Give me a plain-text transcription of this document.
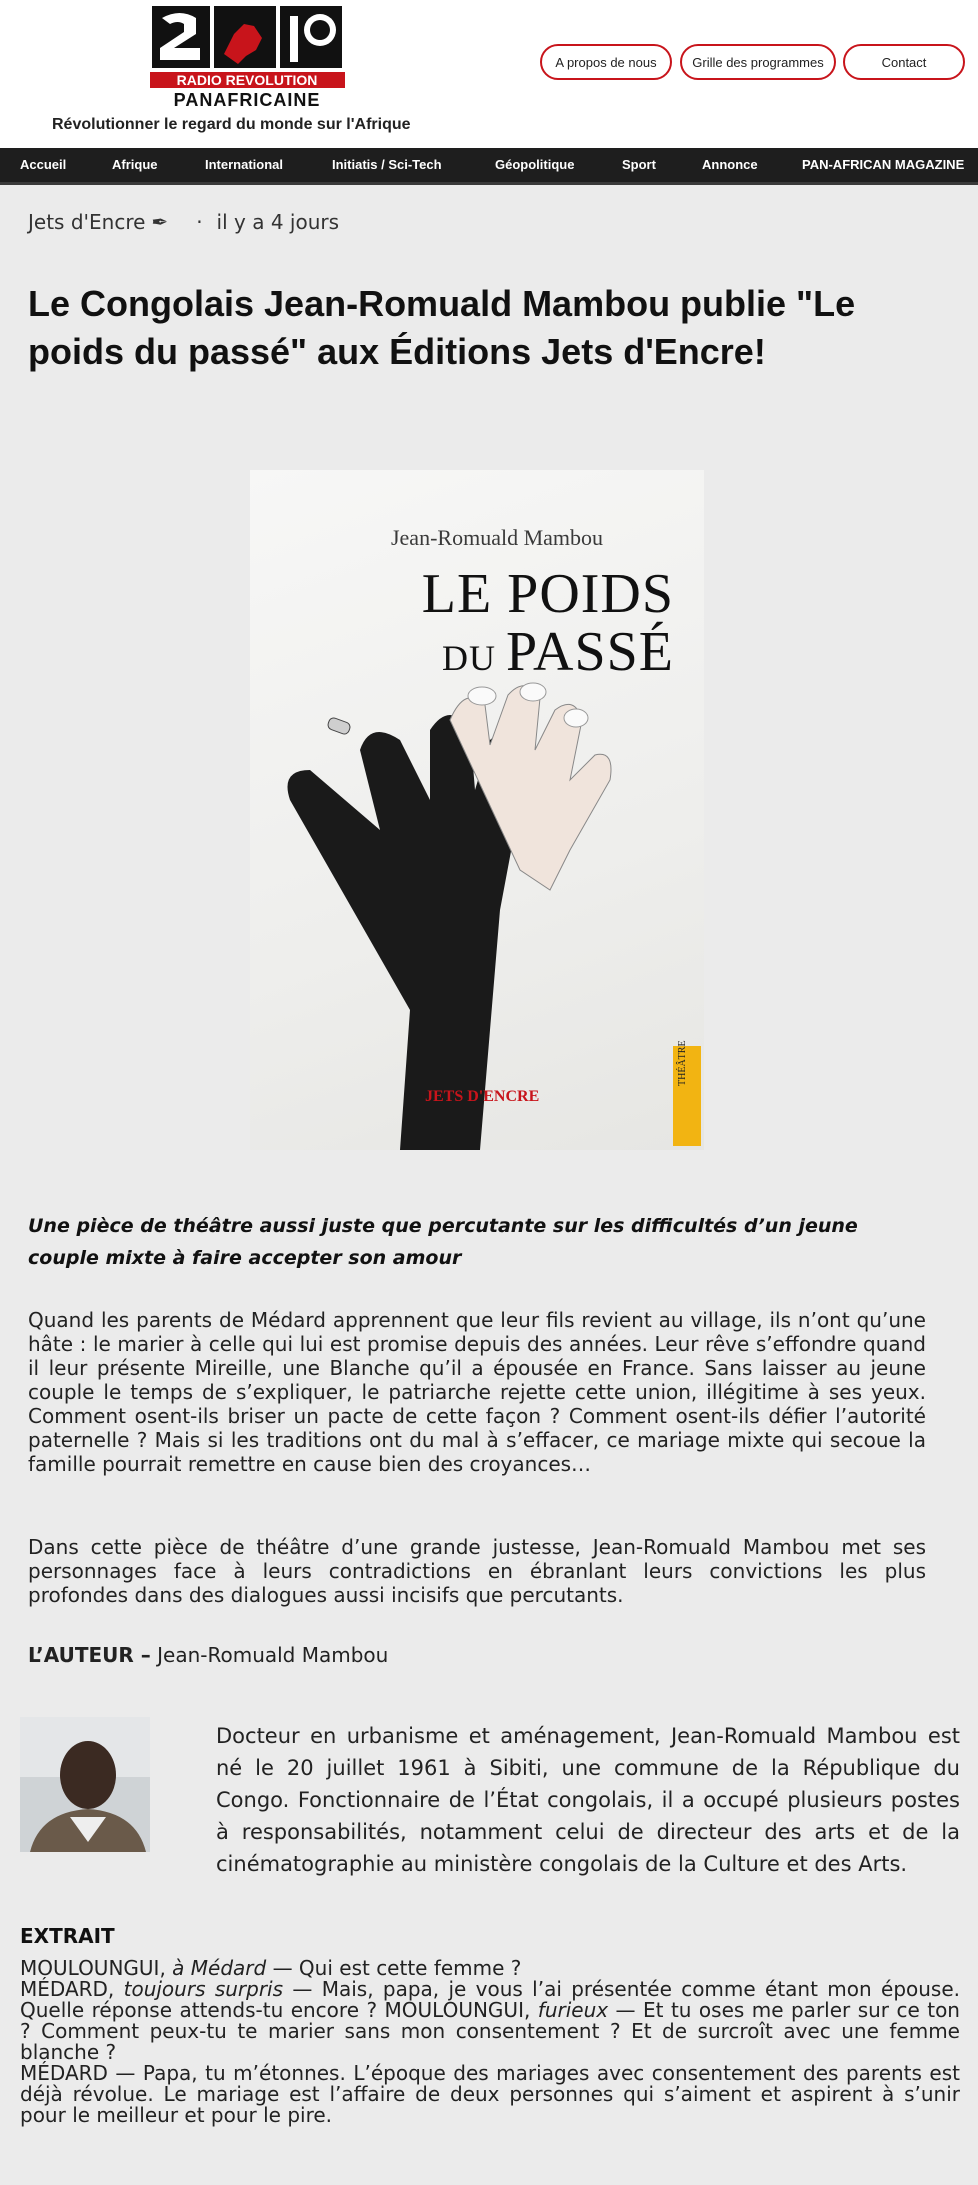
RADIO REVOLUTION
PANAFRICAINE
Révolutionner le regard du monde sur l'Afrique
A propos de nous	Grille des programmes	Contact
Accueil	Afrique	International	Initiatis / Sci-Tech	Géopolitique	Sport	Annonce	PAN-AFRICAN MAGAZINE
Jets d'Encre ✒ · il y a 4 jours
Le Congolais Jean-Romuald Mambou publie "Le poids du passé" aux Éditions Jets d'Encre!
Jean-Romuald Mambou
LE POIDS
DU PASSÉ
JETS D'ENCRE
THÉÂTRE

Une pièce de théâtre aussi juste que percutante sur les difficultés d’un jeune couple mixte à faire accepter son amour

Quand les parents de Médard apprennent que leur fils revient au village, ils n’ont qu’une hâte : le marier à celle qui lui est promise depuis des années. Leur rêve s’effondre quand il leur présente Mireille, une Blanche qu’il a épousée en France. Sans laisser au jeune couple le temps de s’expliquer, le patriarche rejette cette union, illégitime à ses yeux. Comment osent-ils briser un pacte de cette façon ? Comment osent-ils défier l’autorité paternelle ? Mais si les traditions ont du mal à s’effacer, ce mariage mixte qui secoue la famille pourrait remettre en cause bien des croyances…

Dans cette pièce de théâtre d’une grande justesse, Jean-Romuald Mambou met ses personnages face à leurs contradictions en ébranlant leurs convictions les plus profondes dans des dialogues aussi incisifs que percutants.

L’AUTEUR – Jean-Romuald Mambou

Docteur en urbanisme et aménagement, Jean-Romuald Mambou est né le 20 juillet 1961 à Sibiti, une commune de la République du Congo. Fonctionnaire de l’État congolais, il a occupé plusieurs postes à responsabilités, notamment celui de directeur des arts et de la cinématographie au ministère congolais de la Culture et des Arts.

EXTRAIT

MOULOUNGUI, à Médard — Qui est cette femme ?
MÉDARD, toujours surpris — Mais, papa, je vous l’ai présentée comme étant mon épouse. Quelle réponse attends-tu encore ? MOULOUNGUI, furieux — Et tu oses me parler sur ce ton ? Comment peux-tu te marier sans mon consentement ? Et de surcroît avec une femme blanche ?
MÉDARD — Papa, tu m’étonnes. L’époque des mariages avec consentement des parents est déjà révolue. Le mariage est l’affaire de deux personnes qui s’aiment et aspirent à s’unir pour le meilleur et pour le pire.
